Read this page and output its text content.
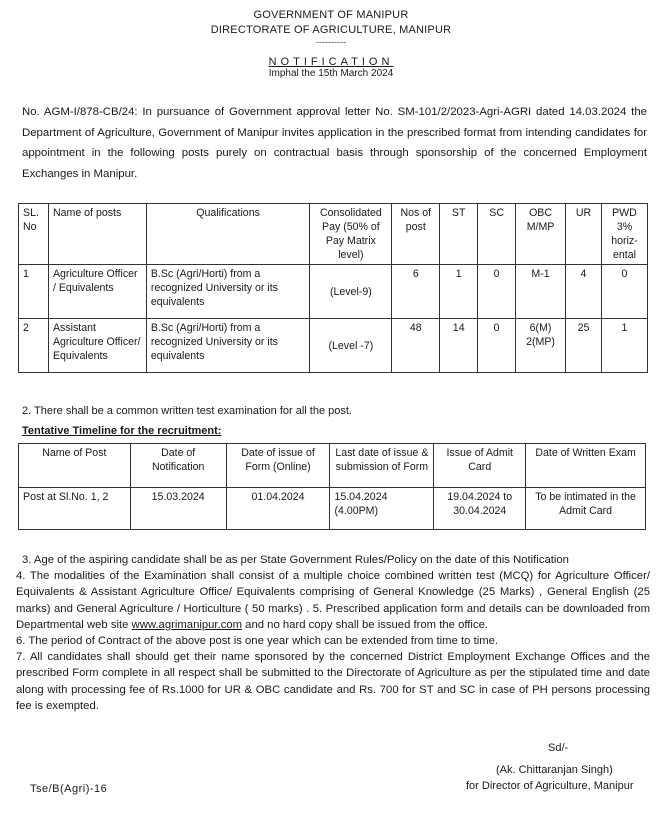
GOVERNMENT OF MANIPUR
DIRECTORATE OF AGRICULTURE, MANIPUR
----------
NOTIFICATION
Imphal the 15th March 2024
No. AGM-I/878-CB/24: In pursuance of Government approval letter No. SM-101/2/2023-Agri-AGRI dated 14.03.2024 the Department of Agriculture, Government of Manipur invites application in the prescribed format from intending candidates for appointment in the following posts purely on contractual basis through sponsorship of the concerned Employment Exchanges in Manipur.
SL. No	Name of posts	Qualifications	Consolidated Pay (50% of Pay Matrix level)	Nos of post	ST	SC	OBC M/MP	UR	PWD 3% horiz-ental
1	Agriculture Officer / Equivalents	B.Sc (Agri/Horti) from a recognized University or its equivalents	(Level-9)	6	1	0	M-1	4	0
2	Assistant Agriculture Officer/ Equivalents	B.Sc (Agri/Horti) from a recognized University or its equivalents	(Level -7)	48	14	0	6(M) 2(MP)	25	1
2. There shall be a common written test examination for all the post.
Tentative Timeline for the recruitment:
Name of Post	Date of Notification	Date of issue of Form (Online)	Last date of issue & submission of Form	Issue of Admit Card	Date of Written Exam
Post at Sl.No. 1, 2	15.03.2024	01.04.2024	15.04.2024 (4.00PM)	19.04.2024 to 30.04.2024	To be intimated in the Admit Card

3. Age of the aspiring candidate shall be as per State Government Rules/Policy on the date of this Notification

4. The modalities of the Examination shall consist of a multiple choice combined written test (MCQ) for Agriculture Officer/ Equivalents & Assistant Agriculture Office/ Equivalents comprising of General Knowledge (25 Marks) , General English (25 marks) and General Agriculture / Horticulture ( 50 marks) . 5. Prescribed application form and details can be downloaded from Departmental web site www.agrimanipur.com and no hard copy shall be issued from the office.

6. The period of Contract of the above post is one year which can be extended from time to time.

7. All candidates shall should get their name sponsored by the concerned District Employment Exchange Offices and the prescribed Form complete in all respect shall be submitted to the Directorate of Agriculture as per the stipulated time and date along with processing fee of Rs.1000 for UR & OBC candidate and Rs. 700 for ST and SC in case of PH persons processing fee is exempted.

Sd/-
(Ak. Chittaranjan Singh)
for Director of Agriculture, Manipur
Tse/B(Agri)-16
